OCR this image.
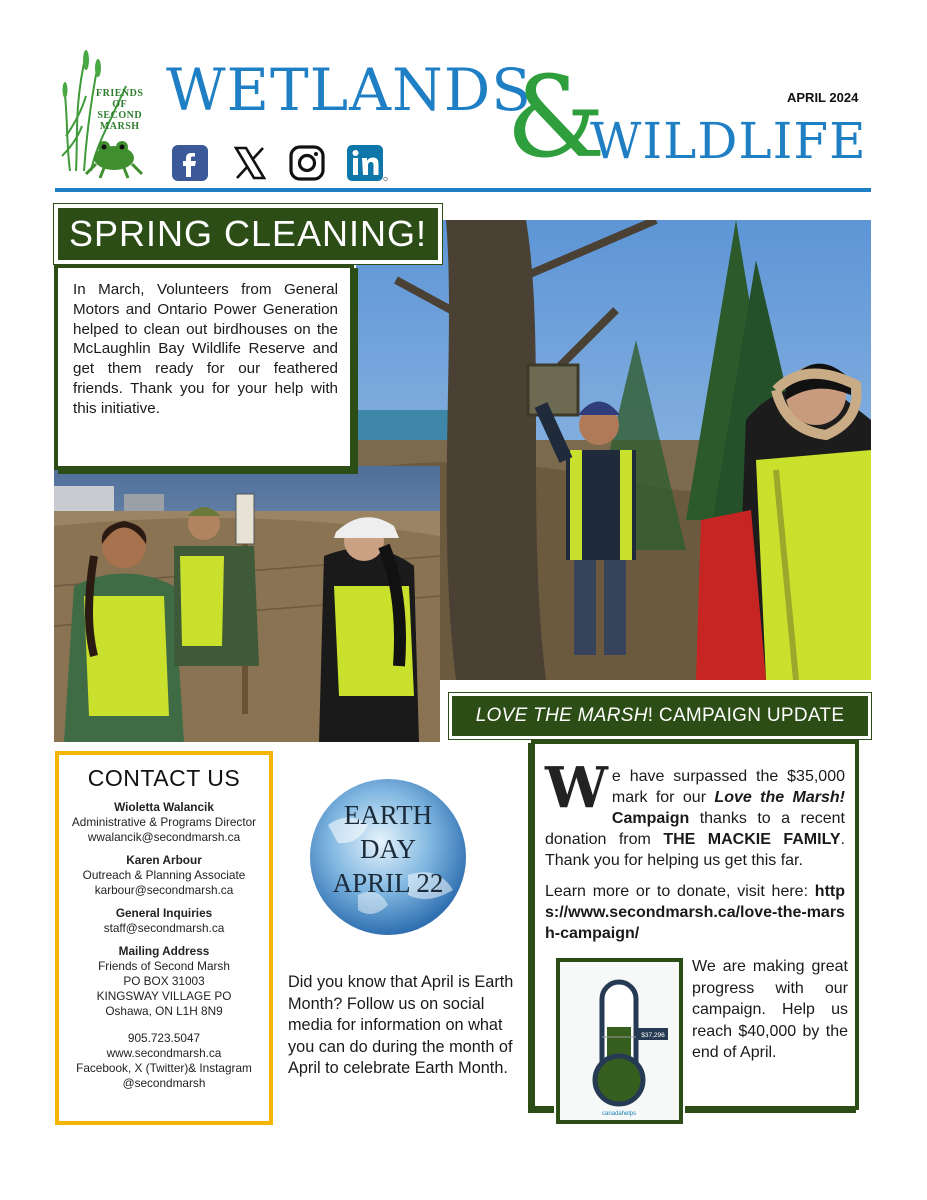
FRIENDS
OF
SECOND
MARSH
WETLANDS
&
WILDLIFE
APRIL 2024
SPRING CLEANING!

In March, Volunteers from General Motors and Ontario Power Generation helped to clean out birdhouses on the McLaughlin Bay Wildlife Reserve and get them ready for our feathered friends. Thank you for your help with this initiative.

LOVE THE MARSH ! CAMPAIGN UPDATE

We have surpassed the $35,000 mark for our Love the Marsh! Campaign thanks to a recent donation from THE MACKIE FAMILY. Thank you for helping us get this far.

Learn more or to donate, visit here: https://www.secondmarsh.ca/love-the-marsh-campaign/

$37,296
canadahelps

We are making great progress with our campaign. Help us reach $40,000 by the end of April.

CONTACT US
Wioletta Walancik
Administrative & Programs Director
wwalancik@secondmarsh.ca
Karen Arbour
Outreach & Planning Associate
karbour@secondmarsh.ca
General Inquiries
staff@secondmarsh.ca
Mailing Address
Friends of Second Marsh
PO BOX 31003
KINGSWAY VILLAGE PO
Oshawa, ON L1H 8N9
905.723.5047
www.secondmarsh.ca
Facebook, X (Twitter)& Instagram
@secondmarsh
EARTH
DAY
APRIL 22

Did you know that April is Earth Month? Follow us on social media for information on what you can do during the month of April to celebrate Earth Month.
